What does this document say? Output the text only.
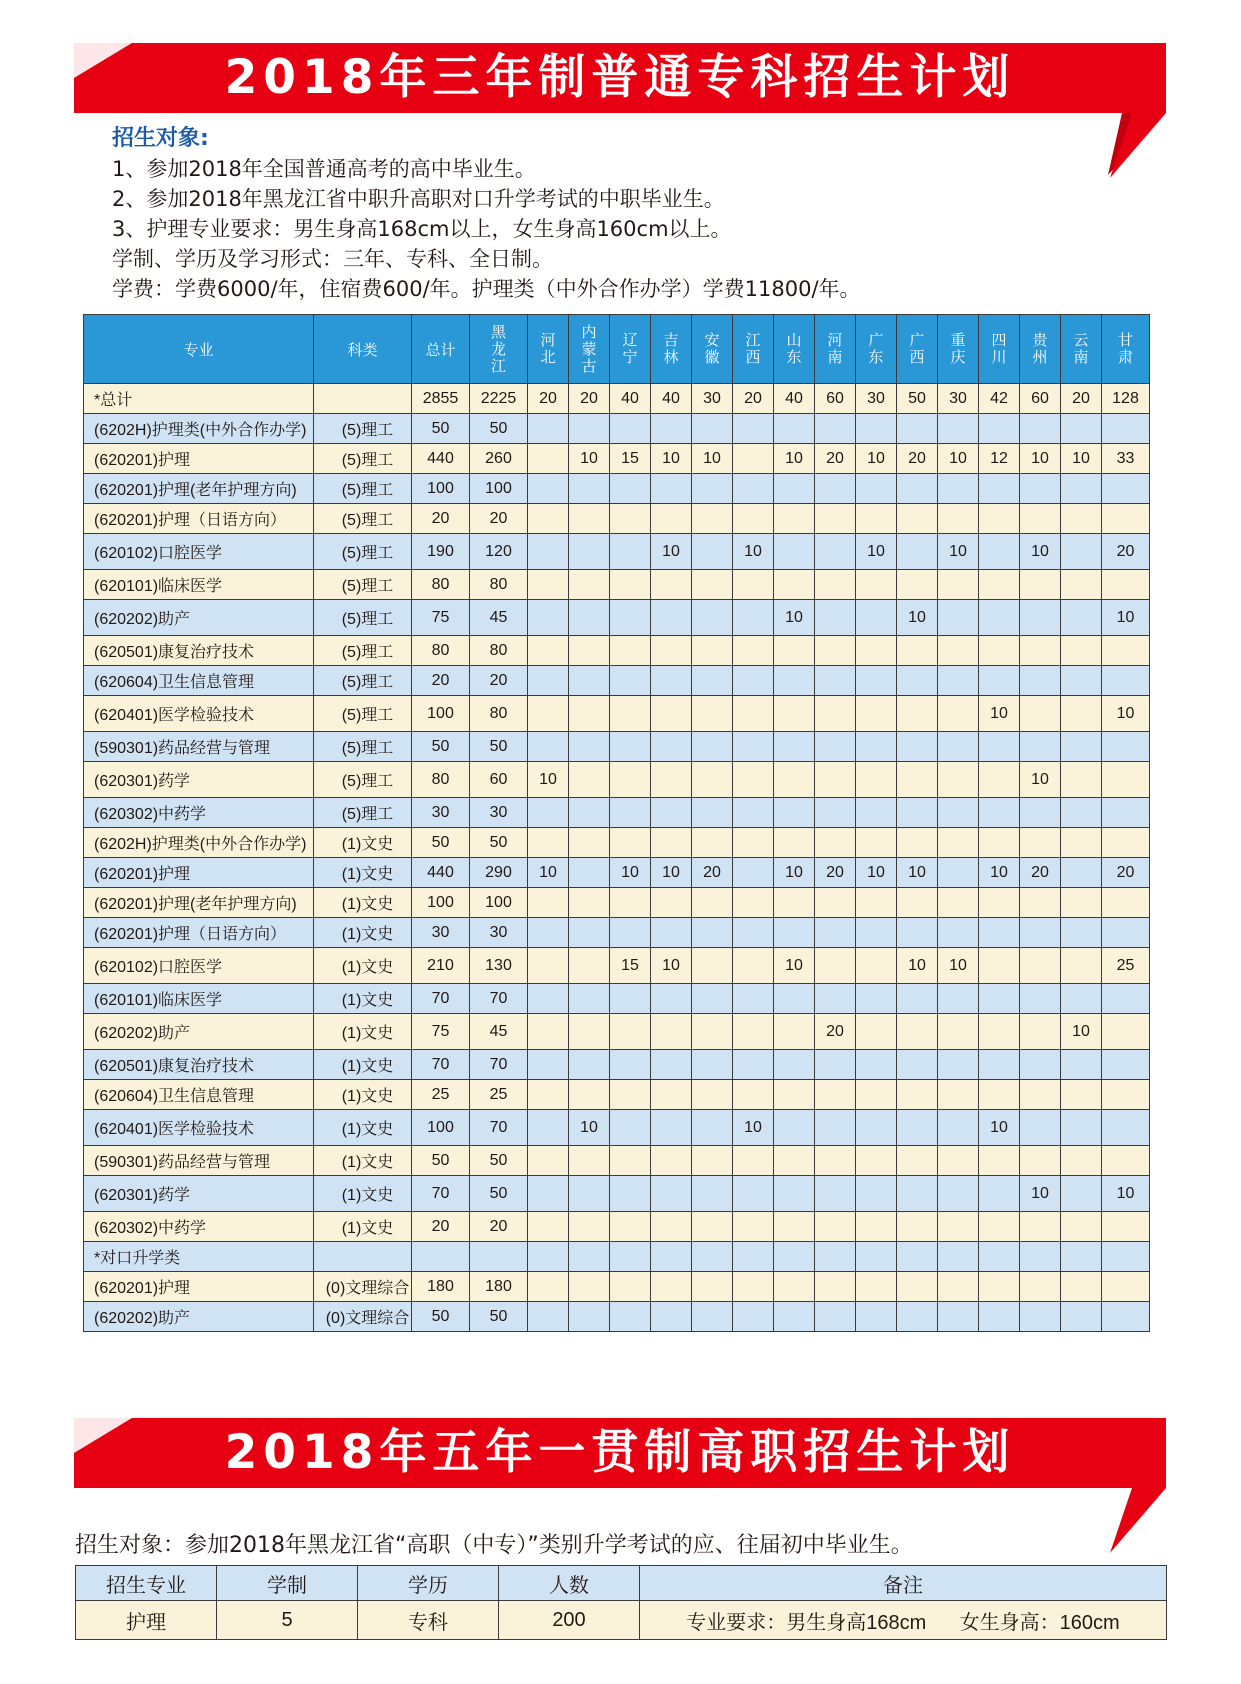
2018年三年制普通专科招生计划
招生对象:
1、参加2018年全国普通高考的高中毕业生。
2、参加2018年黑龙江省中职升高职对口升学考试的中职毕业生。
3、护理专业要求：男生身高168cm以上，女生身高160cm以上。
学制、学历及学习形式：三年、专科、全日制。
学费：学费6000/年，住宿费600/年。护理类（中外合作办学）学费11800/年。
专业	科类	总计	黑
龙
江	河
北	内
蒙
古	辽
宁	吉
林	安
徽	江
西	山
东	河
南	广
东	广
西	重
庆	四
川	贵
州	云
南	甘
肃
*总计		2855	2225	20	20	40	40	30	20	40	60	30	50	30	42	60	20	128
(6202H)护理类(中外合作办学)	(5)理工	50	50															
(620201)护理	(5)理工	440	260		10	15	10	10		10	20	10	20	10	12	10	10	33
(620201)护理(老年护理方向)	(5)理工	100	100															
(620201)护理（日语方向）	(5)理工	20	20															
(620102)口腔医学	(5)理工	190	120				10		10			10		10		10		20
(620101)临床医学	(5)理工	80	80															
(620202)助产	(5)理工	75	45							10			10					10
(620501)康复治疗技术	(5)理工	80	80															
(620604)卫生信息管理	(5)理工	20	20															
(620401)医学检验技术	(5)理工	100	80												10			10
(590301)药品经营与管理	(5)理工	50	50															
(620301)药学	(5)理工	80	60	10												10		
(620302)中药学	(5)理工	30	30															
(6202H)护理类(中外合作办学)	(1)文史	50	50															
(620201)护理	(1)文史	440	290	10		10	10	20		10	20	10	10		10	20		20
(620201)护理(老年护理方向)	(1)文史	100	100															
(620201)护理（日语方向）	(1)文史	30	30															
(620102)口腔医学	(1)文史	210	130			15	10			10			10	10				25
(620101)临床医学	(1)文史	70	70															
(620202)助产	(1)文史	75	45								20						10	
(620501)康复治疗技术	(1)文史	70	70															
(620604)卫生信息管理	(1)文史	25	25															
(620401)医学检验技术	(1)文史	100	70		10				10						10			
(590301)药品经营与管理	(1)文史	50	50															
(620301)药学	(1)文史	70	50													10		10
(620302)中药学	(1)文史	20	20															
*对口升学类																		
(620201)护理	(0)文理综合	180	180															
(620202)助产	(0)文理综合	50	50															
2018年五年一贯制高职招生计划
招生对象：参加2018年黑龙江省“高职（中专）”类别升学考试的应、往届初中毕业生。
招生专业	学制	学历	人数	备注
护理	5	专科	200	专业要求：男生身高168cm      女生身高：160cm
